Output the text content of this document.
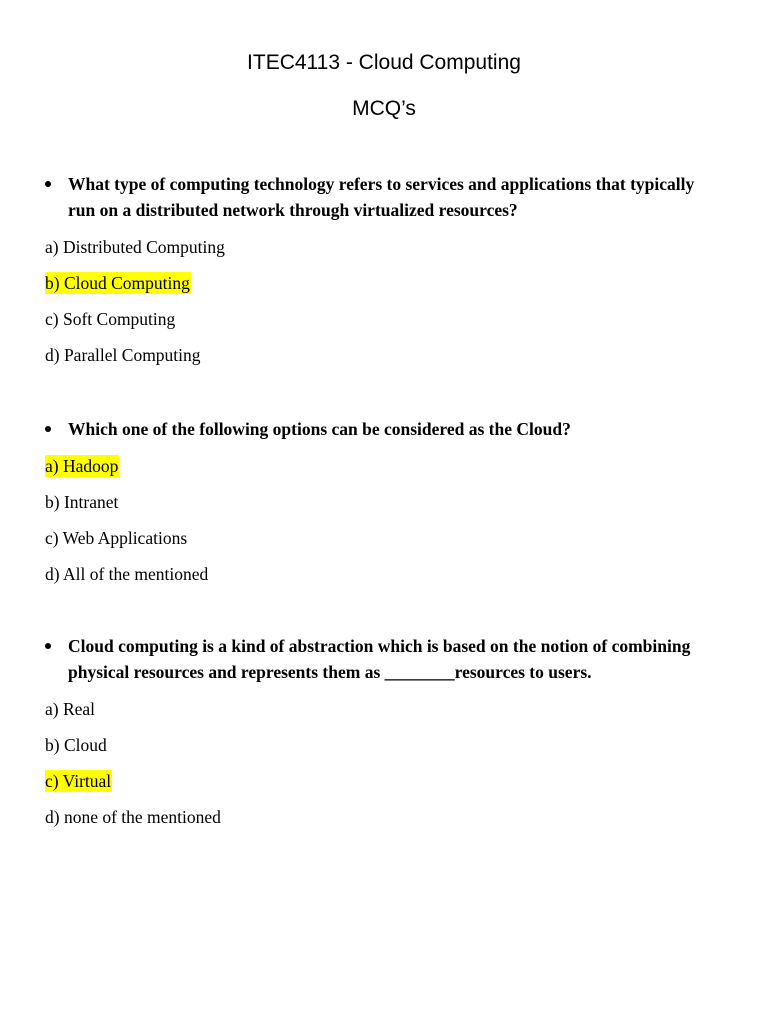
ITEC4113 - Cloud Computing
MCQ’s

What type of computing technology refers to services and applications that typically run on a distributed network through virtualized resources?

a) Distributed Computing
b) Cloud Computing
c) Soft Computing
d) Parallel Computing

Which one of the following options can be considered as the Cloud?

a) Hadoop
b) Intranet
c) Web Applications
d) All of the mentioned

Cloud computing is a kind of abstraction which is based on the notion of combining physical resources and represents them as ________resources to users.

a) Real
b) Cloud
c) Virtual
d) none of the mentioned
